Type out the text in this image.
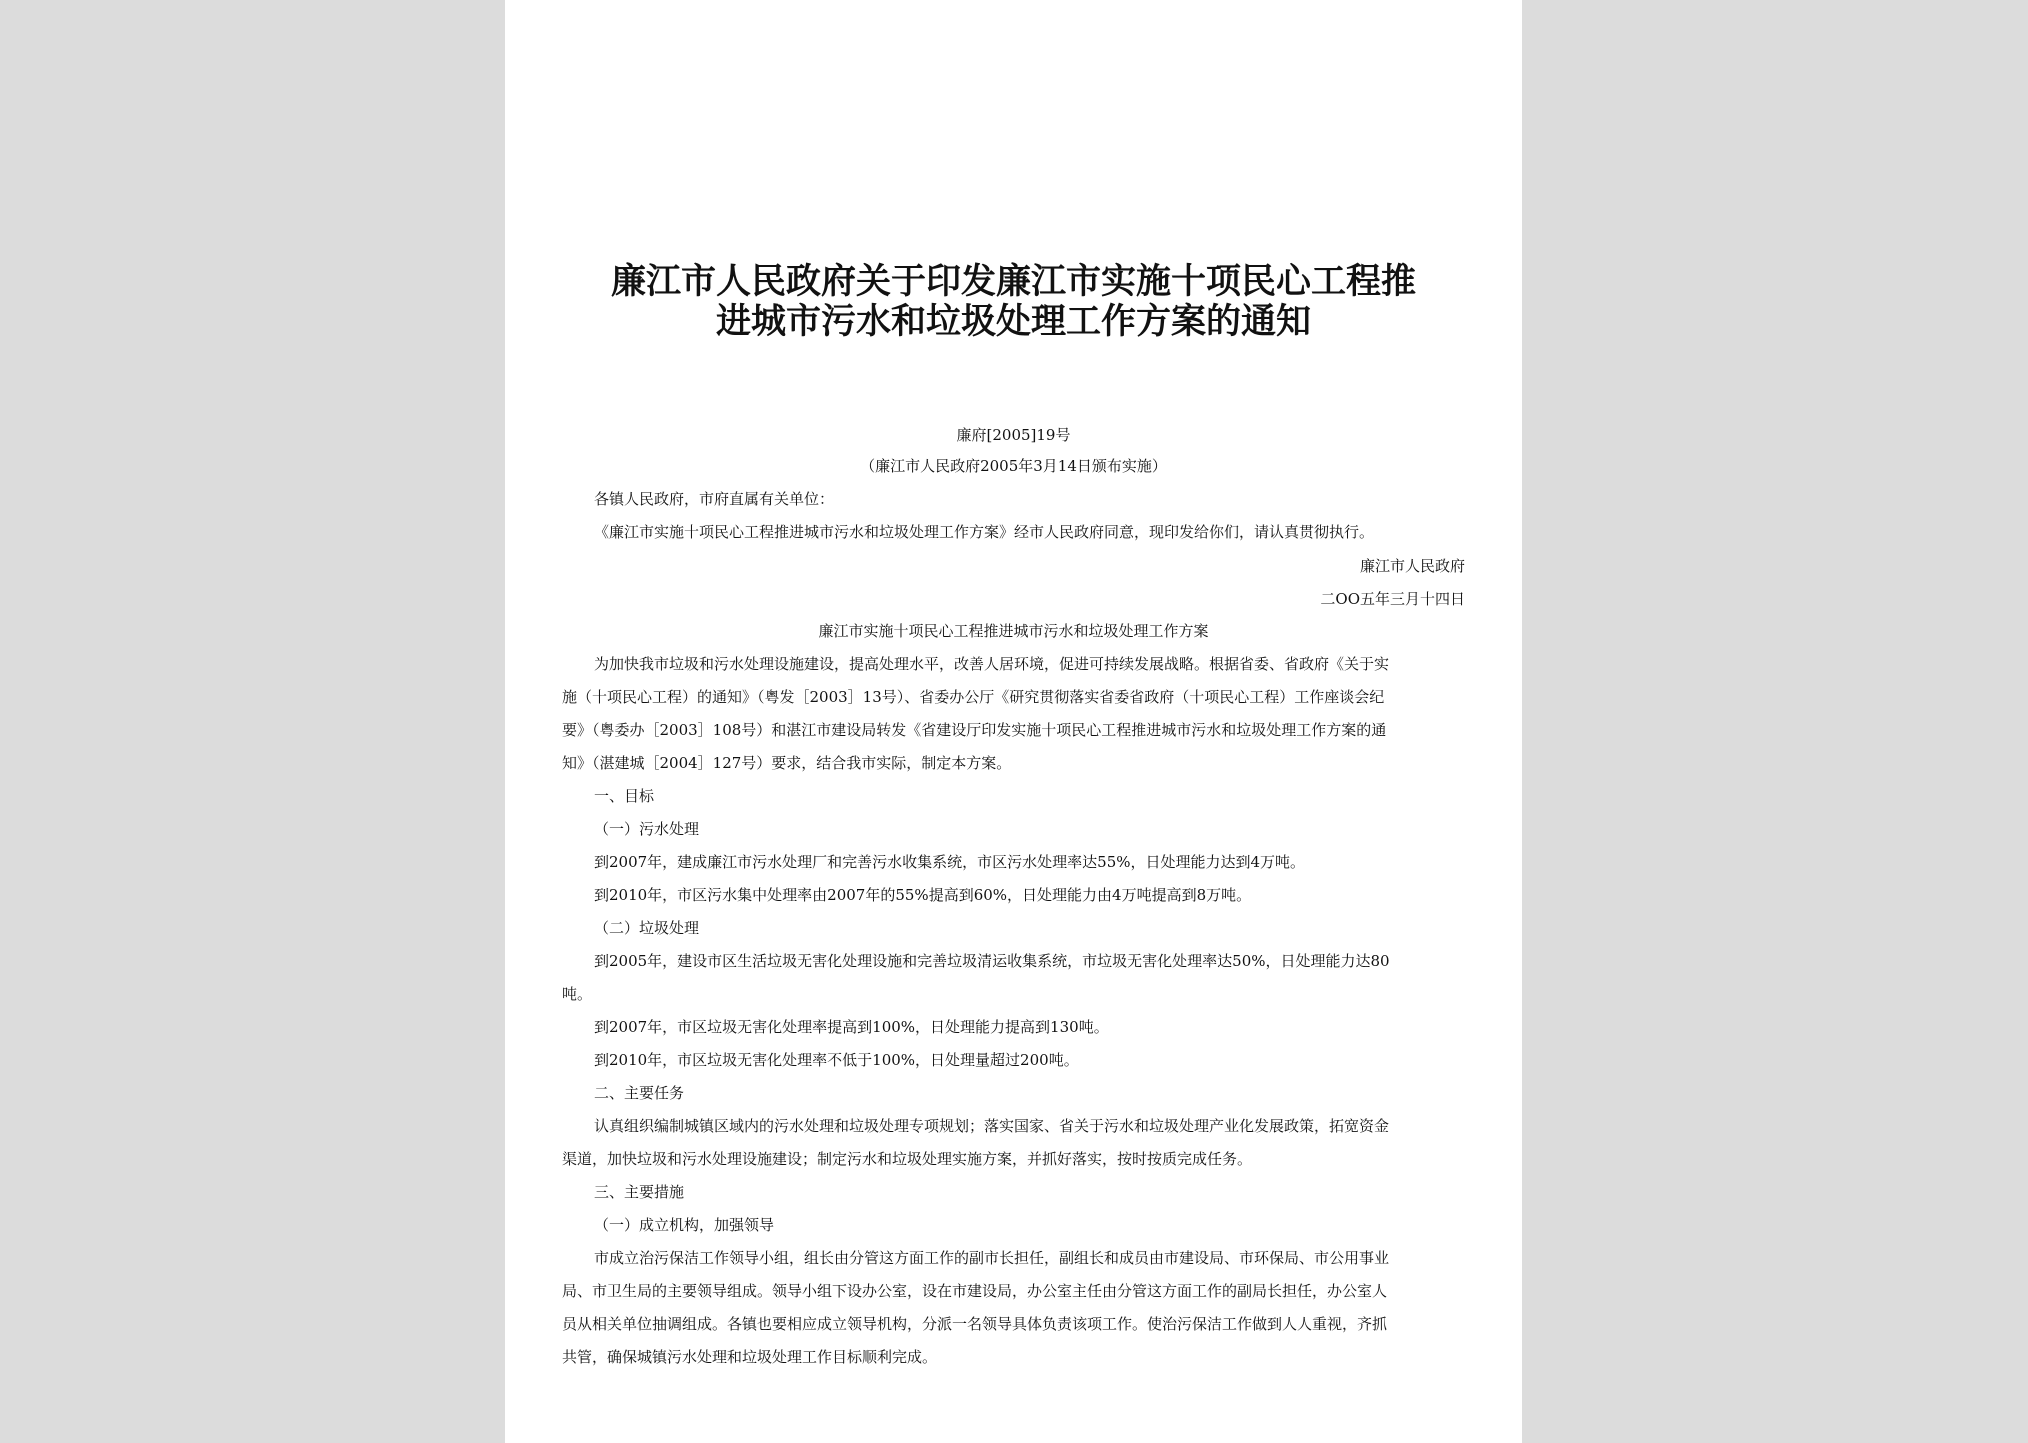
廉江市人民政府关于印发廉江市实施十项民心工程推
进城市污水和垃圾处理工作方案的通知
廉府[2005]19号
（廉江市人民政府2005年3月14日颁布实施）
各镇人民政府，市府直属有关单位：
《廉江市实施十项民心工程推进城市污水和垃圾处理工作方案》经市人民政府同意，现印发给你们，请认真贯彻执行。
廉江市人民政府
二OO五年三月十四日
廉江市实施十项民心工程推进城市污水和垃圾处理工作方案
为加快我市垃圾和污水处理设施建设，提高处理水平，改善人居环境，促进可持续发展战略。根据省委、省政府《关于实
施（十项民心工程）的通知》（粤发［2003］13号）、省委办公厅《研究贯彻落实省委省政府（十项民心工程）工作座谈会纪
要》（粤委办［2003］108号）和湛江市建设局转发《省建设厅印发实施十项民心工程推进城市污水和垃圾处理工作方案的通
知》（湛建城［2004］127号）要求，结合我市实际，制定本方案。
一、目标
（一）污水处理
到2007年，建成廉江市污水处理厂和完善污水收集系统，市区污水处理率达55%，日处理能力达到4万吨。
到2010年，市区污水集中处理率由2007年的55%提高到60%，日处理能力由4万吨提高到8万吨。
（二）垃圾处理
到2005年，建设市区生活垃圾无害化处理设施和完善垃圾清运收集系统，市垃圾无害化处理率达50%，日处理能力达80
吨。
到2007年，市区垃圾无害化处理率提高到100%，日处理能力提高到130吨。
到2010年，市区垃圾无害化处理率不低于100%，日处理量超过200吨。
二、主要任务
认真组织编制城镇区域内的污水处理和垃圾处理专项规划；落实国家、省关于污水和垃圾处理产业化发展政策，拓宽资金
渠道，加快垃圾和污水处理设施建设；制定污水和垃圾处理实施方案，并抓好落实，按时按质完成任务。
三、主要措施
（一）成立机构，加强领导
市成立治污保洁工作领导小组，组长由分管这方面工作的副市长担任，副组长和成员由市建设局、市环保局、市公用事业
局、市卫生局的主要领导组成。领导小组下设办公室，设在市建设局，办公室主任由分管这方面工作的副局长担任，办公室人
员从相关单位抽调组成。各镇也要相应成立领导机构，分派一名领导具体负责该项工作。使治污保洁工作做到人人重视，齐抓
共管，确保城镇污水处理和垃圾处理工作目标顺利完成。
